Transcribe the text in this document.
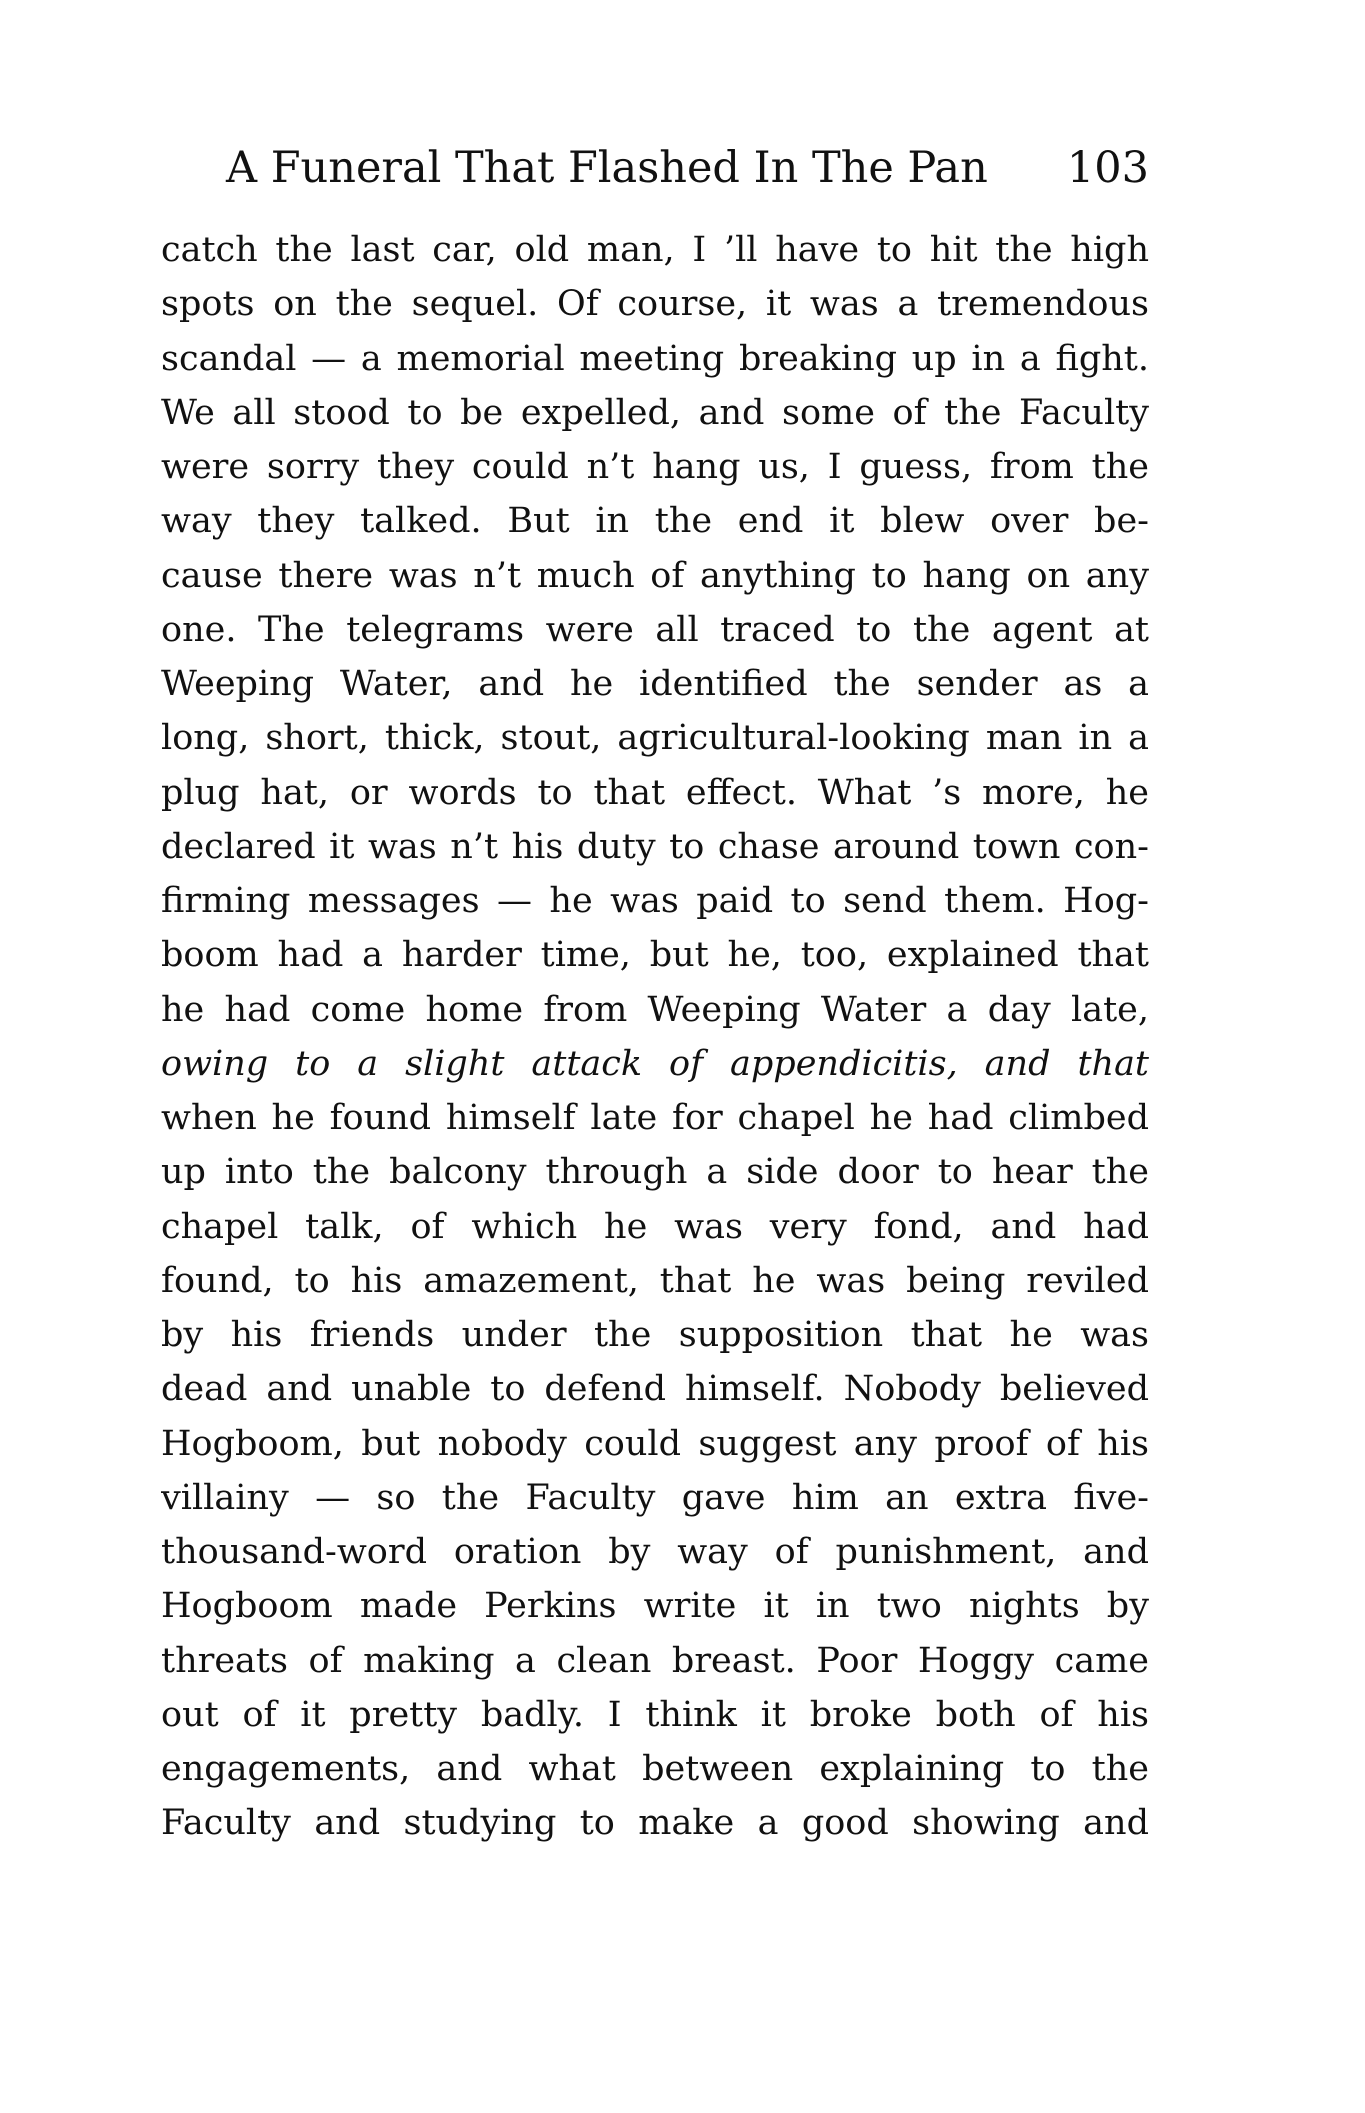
A Funeral That Flashed In The Pan 103
catch the last car, old man, I ’ll have to hit the high
spots on the sequel. Of course, it was a tremendous
scandal — a memorial meeting breaking up in a fight.
We all stood to be expelled, and some of the Faculty
were sorry they could n’t hang us, I guess, from the
way they talked. But in the end it blew over be-
cause there was n’t much of anything to hang on any
one. The telegrams were all traced to the agent at
Weeping Water, and he identified the sender as a
long, short, thick, stout, agricultural-looking man in a
plug hat, or words to that effect. What ’s more, he
declared it was n’t his duty to chase around town con-
firming messages — he was paid to send them. Hog-
boom had a harder time, but he, too, explained that
he had come home from Weeping Water a day late,
owing to a slight attack of appendicitis, and that
when he found himself late for chapel he had climbed
up into the balcony through a side door to hear the
chapel talk, of which he was very fond, and had
found, to his amazement, that he was being reviled
by his friends under the supposition that he was
dead and unable to defend himself. Nobody believed
Hogboom, but nobody could suggest any proof of his
villainy — so the Faculty gave him an extra five-
thousand-word oration by way of punishment, and
Hogboom made Perkins write it in two nights by
threats of making a clean breast. Poor Hoggy came
out of it pretty badly. I think it broke both of his
engagements, and what between explaining to the
Faculty and studying to make a good showing and
